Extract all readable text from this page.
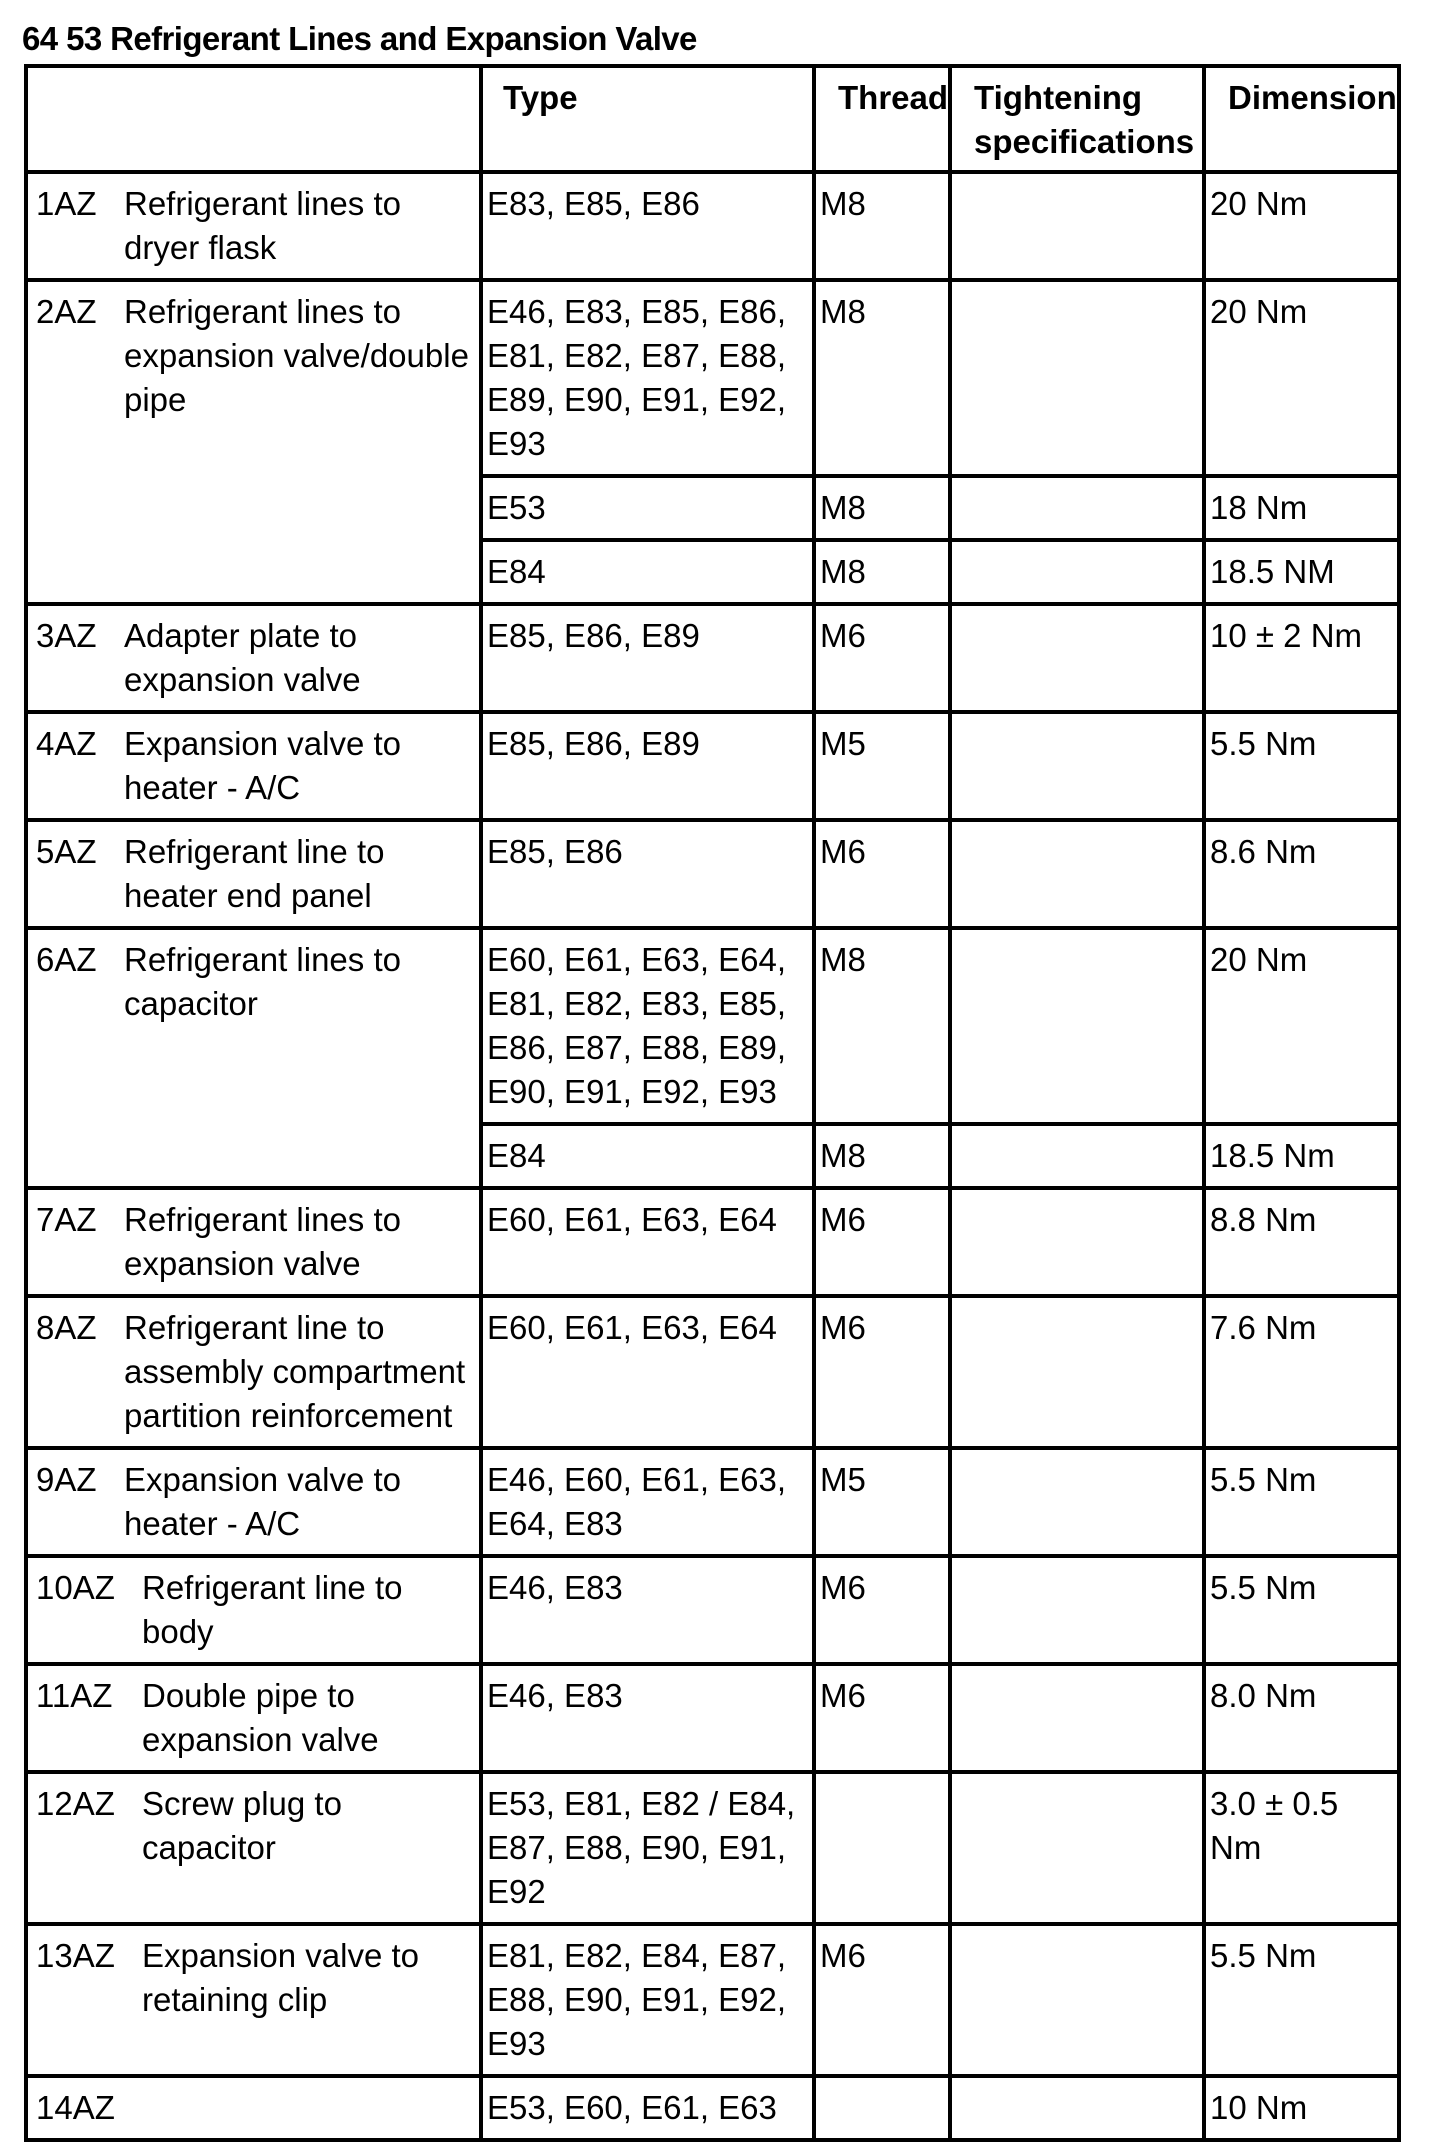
64 53 Refrigerant Lines and Expansion Valve

	Type	Thread	Tightening specifications	Dimension

1AZ Refrigerant lines to dryer flask	E83, E85, E86	M8		20 Nm

2AZ Refrigerant lines to expansion valve/double pipe	E46, E83, E85, E86, E81, E82, E87, E88, E89, E90, E91, E92, E93	M8		20 Nm

	E53	M8		18 Nm

	E84	M8		18.5 NM

3AZ Adapter plate to expansion valve	E85, E86, E89	M6		10 ± 2 Nm

4AZ Expansion valve to heater - A/C	E85, E86, E89	M5		5.5 Nm

5AZ Refrigerant line to heater end panel	E85, E86	M6		8.6 Nm

6AZ Refrigerant lines to capacitor	E60, E61, E63, E64, E81, E82, E83, E85, E86, E87, E88, E89, E90, E91, E92, E93	M8		20 Nm

	E84	M8		18.5 Nm

7AZ Refrigerant lines to expansion valve	E60, E61, E63, E64	M6		8.8 Nm

8AZ Refrigerant line to assembly compartment partition reinforcement	E60, E61, E63, E64	M6		7.6 Nm

9AZ Expansion valve to heater - A/C	E46, E60, E61, E63, E64, E83	M5		5.5 Nm

10AZ Refrigerant line to body	E46, E83	M6		5.5 Nm

11AZ Double pipe to expansion valve	E46, E83	M6		8.0 Nm

12AZ Screw plug to capacitor	E53, E81, E82 / E84, E87, E88, E90, E91, E92			3.0 ± 0.5 Nm

13AZ Expansion valve to retaining clip	E81, E82, E84, E87, E88, E90, E91, E92, E93	M6		5.5 Nm

14AZ	E53, E60, E61, E63			10 Nm
